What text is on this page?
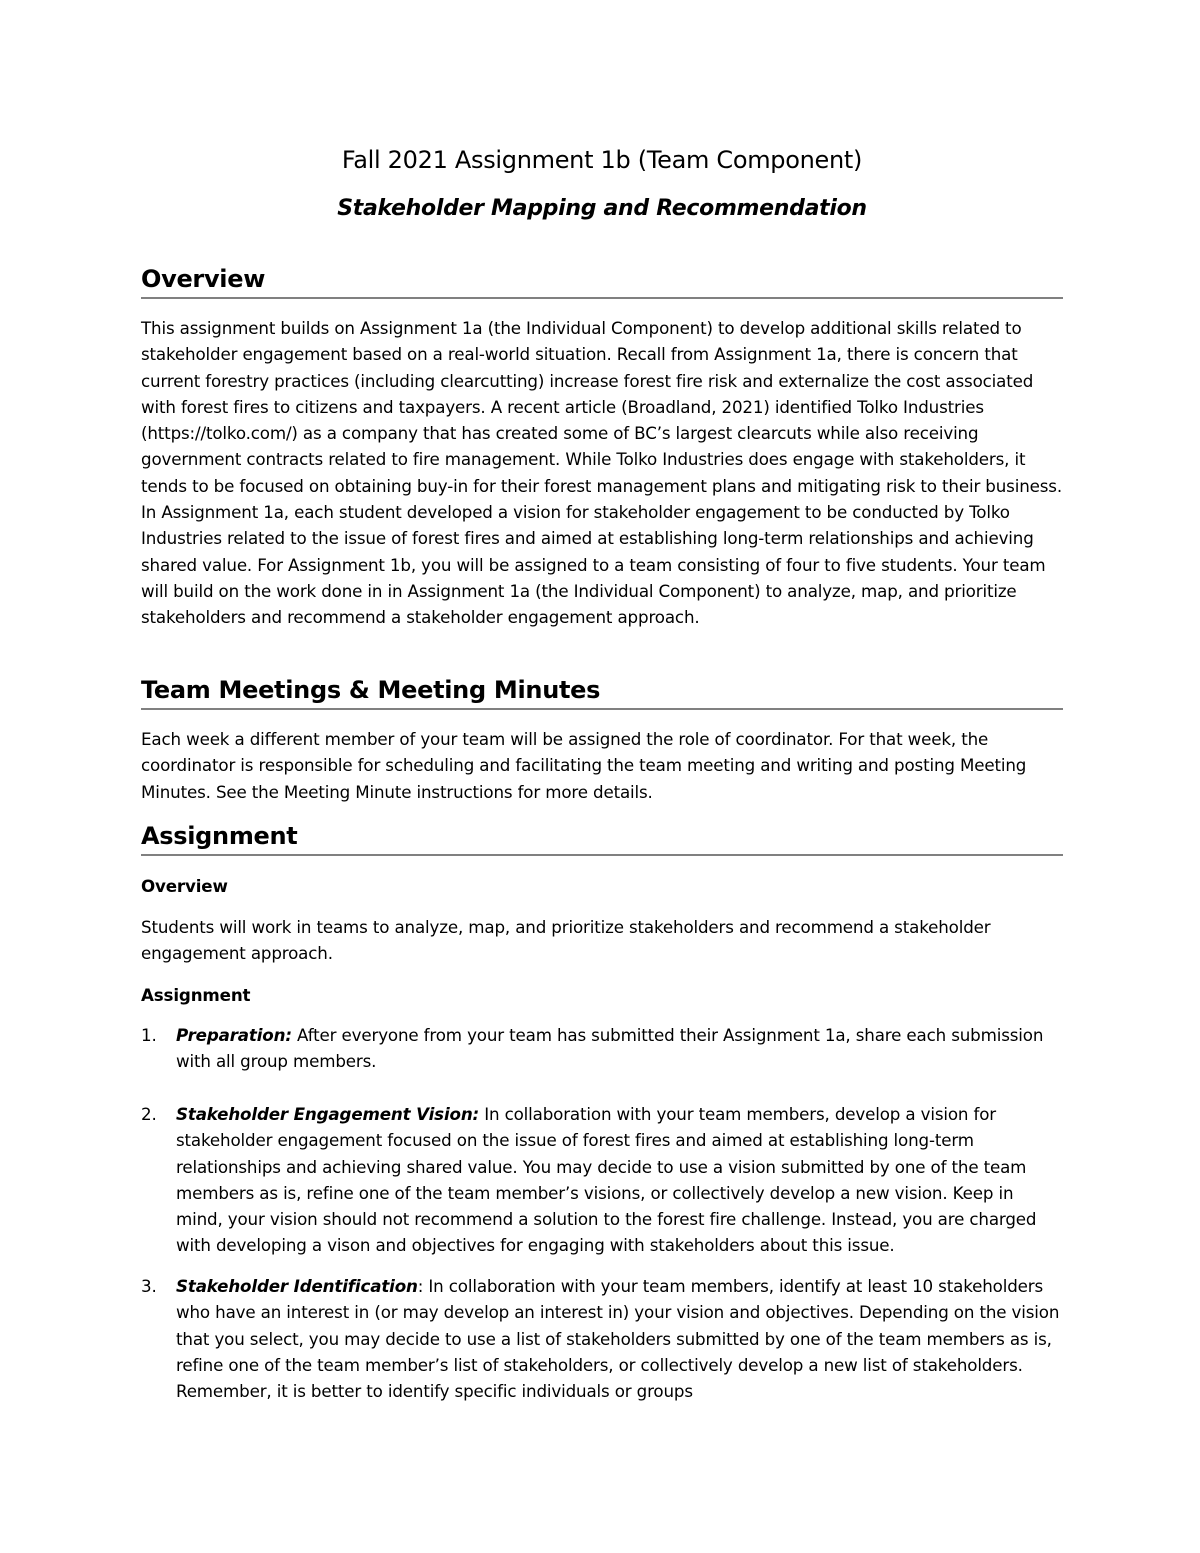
Fall 2021 Assignment 1b (Team Component)
Stakeholder Mapping and Recommendation
Overview
This assignment builds on Assignment 1a (the Individual Component) to develop additional skills related to stakeholder engagement based on a real-world situation. Recall from Assignment 1a, there is concern that current forestry practices (including clearcutting) increase forest fire risk and externalize the cost associated with forest fires to citizens and taxpayers. A recent article (Broadland, 2021) identified Tolko Industries (https://tolko.com/) as a company that has created some of BC’s largest clearcuts while also receiving government contracts related to fire management. While Tolko Industries does engage with stakeholders, it tends to be focused on obtaining buy-in for their forest management plans and mitigating risk to their business. In Assignment 1a, each student developed a vision for stakeholder engagement to be conducted by Tolko Industries related to the issue of forest fires and aimed at establishing long-term relationships and achieving shared value. For Assignment 1b, you will be assigned to a team consisting of four to five students. Your team will build on the work done in in Assignment 1a (the Individual Component) to analyze, map, and prioritize stakeholders and recommend a stakeholder engagement approach.
Team Meetings & Meeting Minutes
Each week a different member of your team will be assigned the role of coordinator. For that week, the coordinator is responsible for scheduling and facilitating the team meeting and writing and posting Meeting Minutes. See the Meeting Minute instructions for more details.
Assignment
Overview
Students will work in teams to analyze, map, and prioritize stakeholders and recommend a stakeholder engagement approach.
Assignment
1.	Preparation: After everyone from your team has submitted their Assignment 1a, share each submission with all group members.
2.	Stakeholder Engagement Vision: In collaboration with your team members, develop a vision for stakeholder engagement focused on the issue of forest fires and aimed at establishing long-term relationships and achieving shared value. You may decide to use a vision submitted by one of the team members as is, refine one of the team member’s visions, or collectively develop a new vision. Keep in mind, your vision should not recommend a solution to the forest fire challenge. Instead, you are charged with developing a vison and objectives for engaging with stakeholders about this issue.
3.	Stakeholder Identification: In collaboration with your team members, identify at least 10 stakeholders who have an interest in (or may develop an interest in) your vision and objectives. Depending on the vision that you select, you may decide to use a list of stakeholders submitted by one of the team members as is, refine one of the team member’s list of stakeholders, or collectively develop a new list of stakeholders. Remember, it is better to identify specific individuals or groups
